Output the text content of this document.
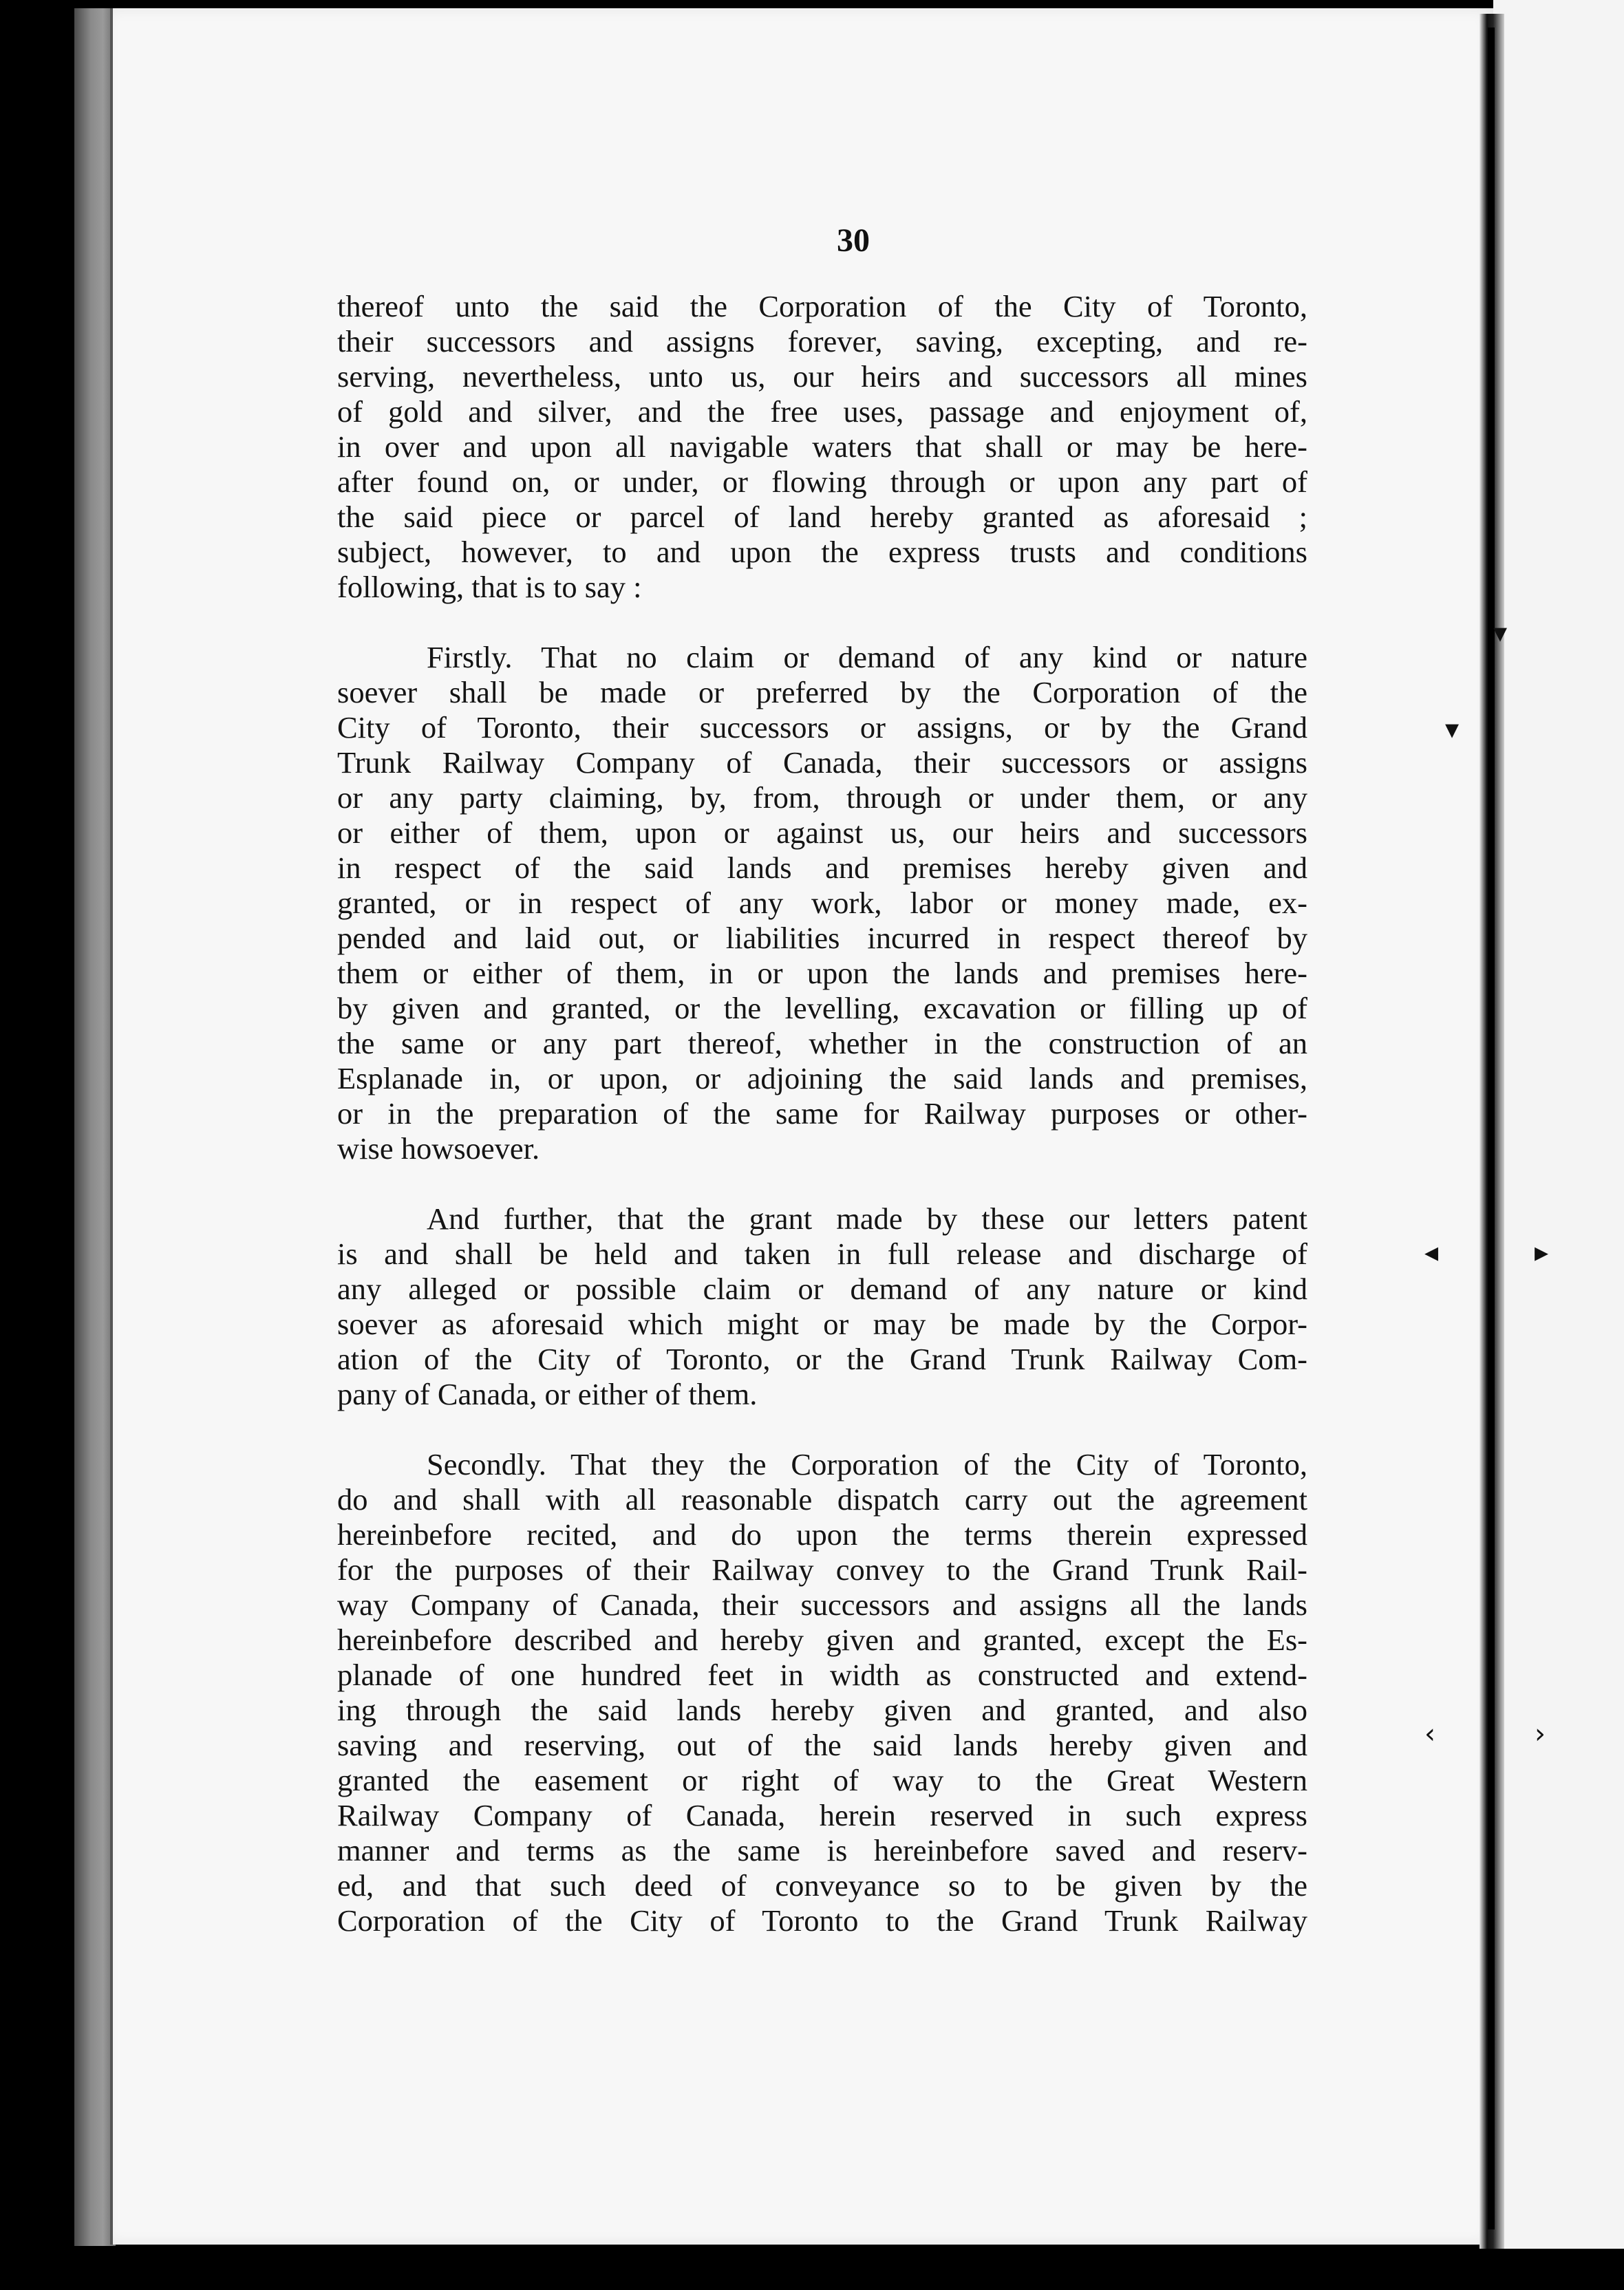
▾
▾
◂	▸
‹	›
30
thereof unto the said the Corporation of the City of Toronto,
their successors and assigns forever, saving, excepting, and re-
serving, nevertheless, unto us, our heirs and successors all mines
of gold and silver, and the free uses, passage and enjoyment of,
in over and upon all navigable waters that shall or may be here-
after found on, or under, or flowing through or upon any part of
the said piece or parcel of land hereby granted as aforesaid ;
subject, however, to and upon the express trusts and conditions
following, that is to say :
Firstly. That no claim or demand of any kind or nature
soever shall be made or preferred by the Corporation of the
City of Toronto, their successors or assigns, or by the Grand
Trunk Railway Company of Canada, their successors or assigns
or any party claiming, by, from, through or under them, or any
or either of them, upon or against us, our heirs and successors
in respect of the said lands and premises hereby given and
granted, or in respect of any work, labor or money made, ex-
pended and laid out, or liabilities incurred in respect thereof by
them or either of them, in or upon the lands and premises here-
by given and granted, or the levelling, excavation or filling up of
the same or any part thereof, whether in the construction of an
Esplanade in, or upon, or adjoining the said lands and premises,
or in the preparation of the same for Railway purposes or other-
wise howsoever.
And further, that the grant made by these our letters patent
is and shall be held and taken in full release and discharge of
any alleged or possible claim or demand of any nature or kind
soever as aforesaid which might or may be made by the Corpor-
ation of the City of Toronto, or the Grand Trunk Railway Com-
pany of Canada, or either of them.
Secondly. That they the Corporation of the City of Toronto,
do and shall with all reasonable dispatch carry out the agreement
hereinbefore recited, and do upon the terms therein expressed
for the purposes of their Railway convey to the Grand Trunk Rail-
way Company of Canada, their successors and assigns all the lands
hereinbefore described and hereby given and granted, except the Es-
planade of one hundred feet in width as constructed and extend-
ing through the said lands hereby given and granted, and also
saving and reserving, out of the said lands hereby given and
granted the easement or right of way to the Great Western
Railway Company of Canada, herein reserved in such express
manner and terms as the same is hereinbefore saved and reserv-
ed, and that such deed of conveyance so to be given by the
Corporation of the City of Toronto to the Grand Trunk Railway
